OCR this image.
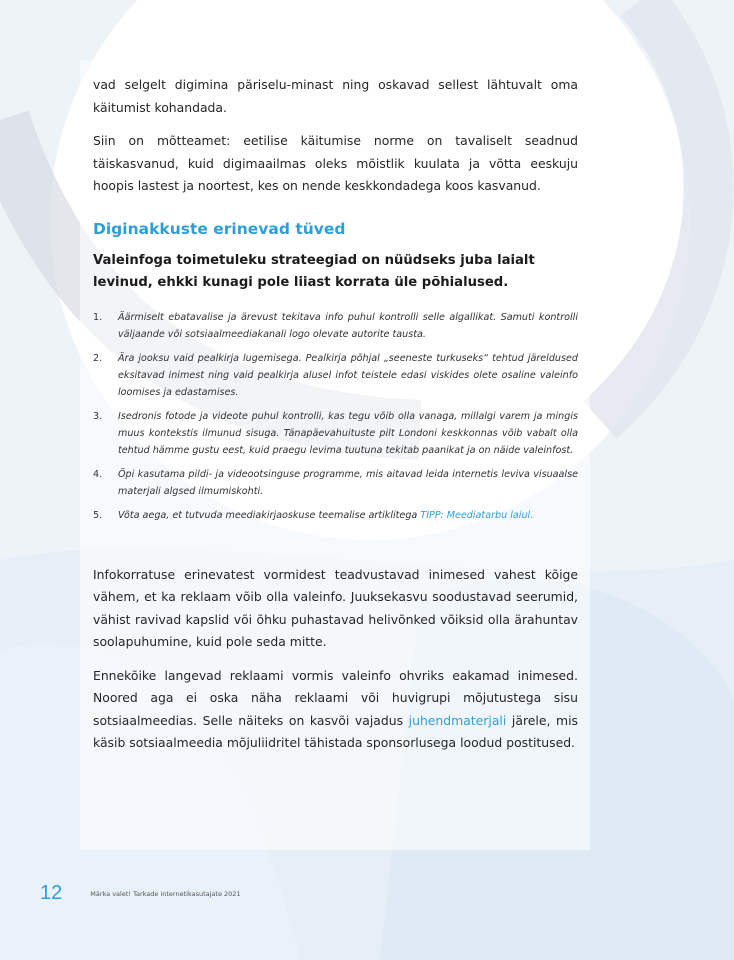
vad selgelt digimina päriselu-minast ning oskavad sellest lähtuvalt oma käitumist kohandada.

Siin on mõtteamet: eetilise käitumise norme on tavaliselt seadnud täiskasvanud, kuid digimaailmas oleks mõistlik kuulata ja võtta eeskuju hoopis lastest ja noortest, kes on nende keskkondadega koos kasvanud.

Diginakkuste erinevad tüved
Valeinfoga toimetuleku strateegiad on nüüdseks juba laialt levinud, ehkki kunagi pole liiast korrata üle põhialused.
1. Äärmiselt ebatavalise ja ärevust tekitava info puhul kontrolli selle algallikat. Samuti kontrolli väljaande või sotsiaalmeediakanali logo olevate autorite tausta.
2. Ära jooksu vaid pealkirja lugemisega. Pealkirja põhjal „seeneste turkuseks“ tehtud järeldused eksitavad inimest ning vaid pealkirja alusel infot teistele edasi viskides olete osaline valeinfo loomises ja edastamises.
3. Isedronis fotode ja videote puhul kontrolli, kas tegu võib olla vanaga, millalgi varem ja mingis muus kontekstis ilmunud sisuga. Tänapäevahuituste pilt Londoni keskkonnas võib vabalt olla tehtud hämme gustu eest, kuid praegu levima tuutuna tekitab paanikat ja on näide valeinfost.
4. Õpi kasutama pildi- ja videootsinguse programme, mis aitavad leida internetis leviva visuaalse materjali algsed ilmumiskohti.
5. Võta aega, et tutvuda meediakirjaoskuse teemalise artiklitega TIPP: Meediatarbu laiul.

Infokorratuse erinevatest vormidest teadvustavad inimesed vahest kõige vähem, et ka reklaam võib olla valeinfo. Juuksekasvu soodustavad seerumid, vähist ravivad kapslid või õhku puhastavad helivõnked võiksid olla ärahuntav soolapuhumine, kuid pole seda mitte.

Ennekõike langevad reklaami vormis valeinfo ohvriks eakamad inimesed. Noored aga ei oska näha reklaami või huvigrupi mõjutustega sisu sotsiaalmeedias. Selle näiteks on kasvõi vajadus juhendmaterjali järele, mis käsib sotsiaalmeedia mõjuliidritel tähistada sponsorlusega loodud postitused.

12	Märka valet! Tarkade internetikasutajate 2021
